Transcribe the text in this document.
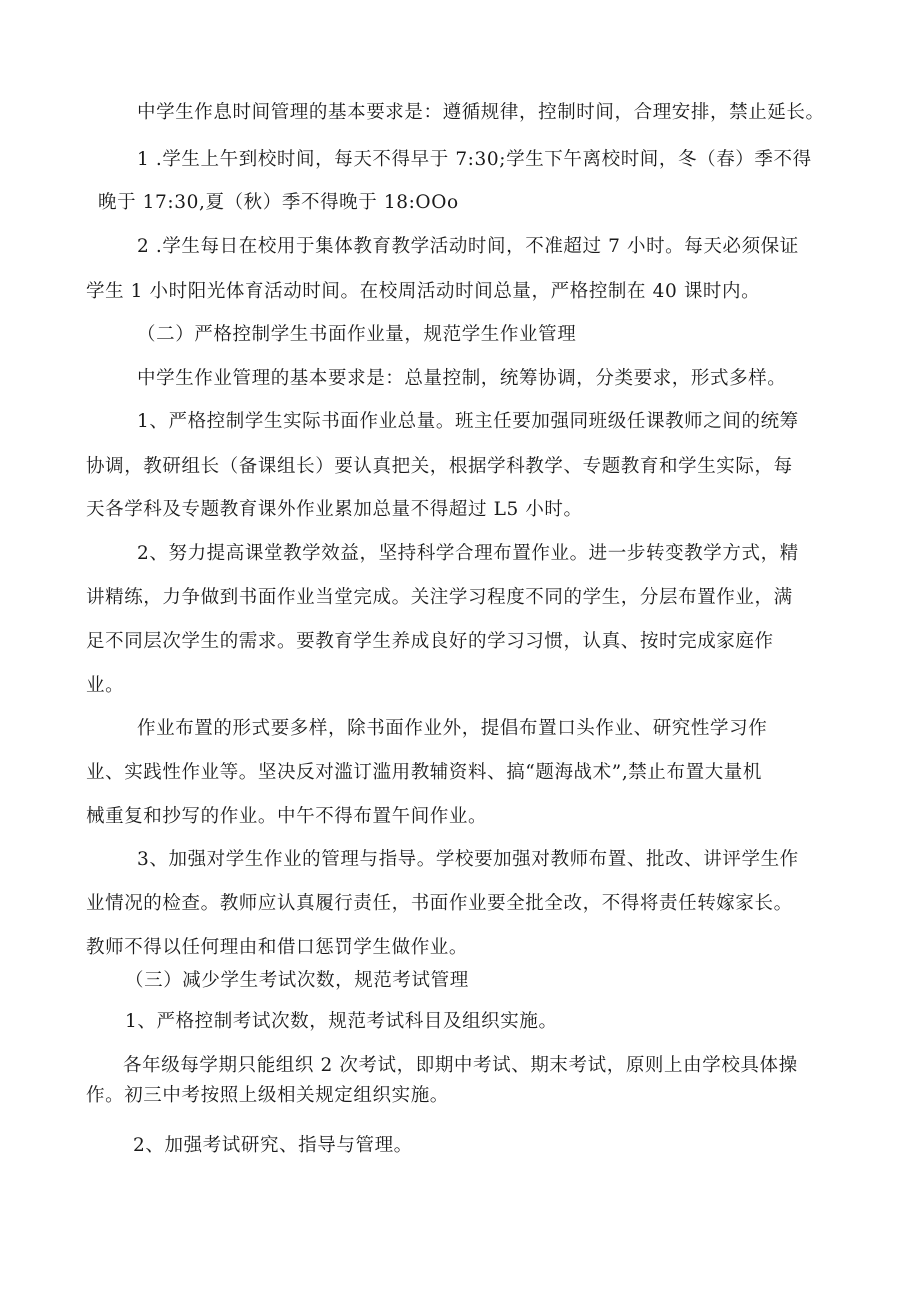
中学生作息时间管理的基本要求是：遵循规律，控制时间，合理安排，禁止延长。
1 .学生上午到校时间，每天不得早于 7:30;学生下午离校时间，冬（春）季不得
晚于 17:30,夏（秋）季不得晚于 18:OOo
2 .学生每日在校用于集体教育教学活动时间，不准超过 7 小时。每天必须保证
学生 1 小时阳光体育活动时间。在校周活动时间总量，严格控制在 40 课时内。
（二）严格控制学生书面作业量，规范学生作业管理
中学生作业管理的基本要求是：总量控制，统筹协调，分类要求，形式多样。
1、严格控制学生实际书面作业总量。班主任要加强同班级任课教师之间的统筹
协调，教研组长（备课组长）要认真把关，根据学科教学、专题教育和学生实际，每
天各学科及专题教育课外作业累加总量不得超过 L5 小时。
2、努力提高课堂教学效益，坚持科学合理布置作业。进一步转变教学方式，精
讲精练，力争做到书面作业当堂完成。关注学习程度不同的学生，分层布置作业，满
足不同层次学生的需求。要教育学生养成良好的学习习惯，认真、按时完成家庭作
业。
作业布置的形式要多样，除书面作业外，提倡布置口头作业、研究性学习作
业、实践性作业等。坚决反对滥订滥用教辅资料、搞“题海战术”,禁止布置大量机
械重复和抄写的作业。中午不得布置午间作业。
3、加强对学生作业的管理与指导。学校要加强对教师布置、批改、讲评学生作
业情况的检查。教师应认真履行责任，书面作业要全批全改，不得将责任转嫁家长。
教师不得以任何理由和借口惩罚学生做作业。
（三）减少学生考试次数，规范考试管理
1、严格控制考试次数，规范考试科目及组织实施。
各年级每学期只能组织 2 次考试，即期中考试、期末考试，原则上由学校具体操
作。初三中考按照上级相关规定组织实施。
2、加强考试研究、指导与管理。
